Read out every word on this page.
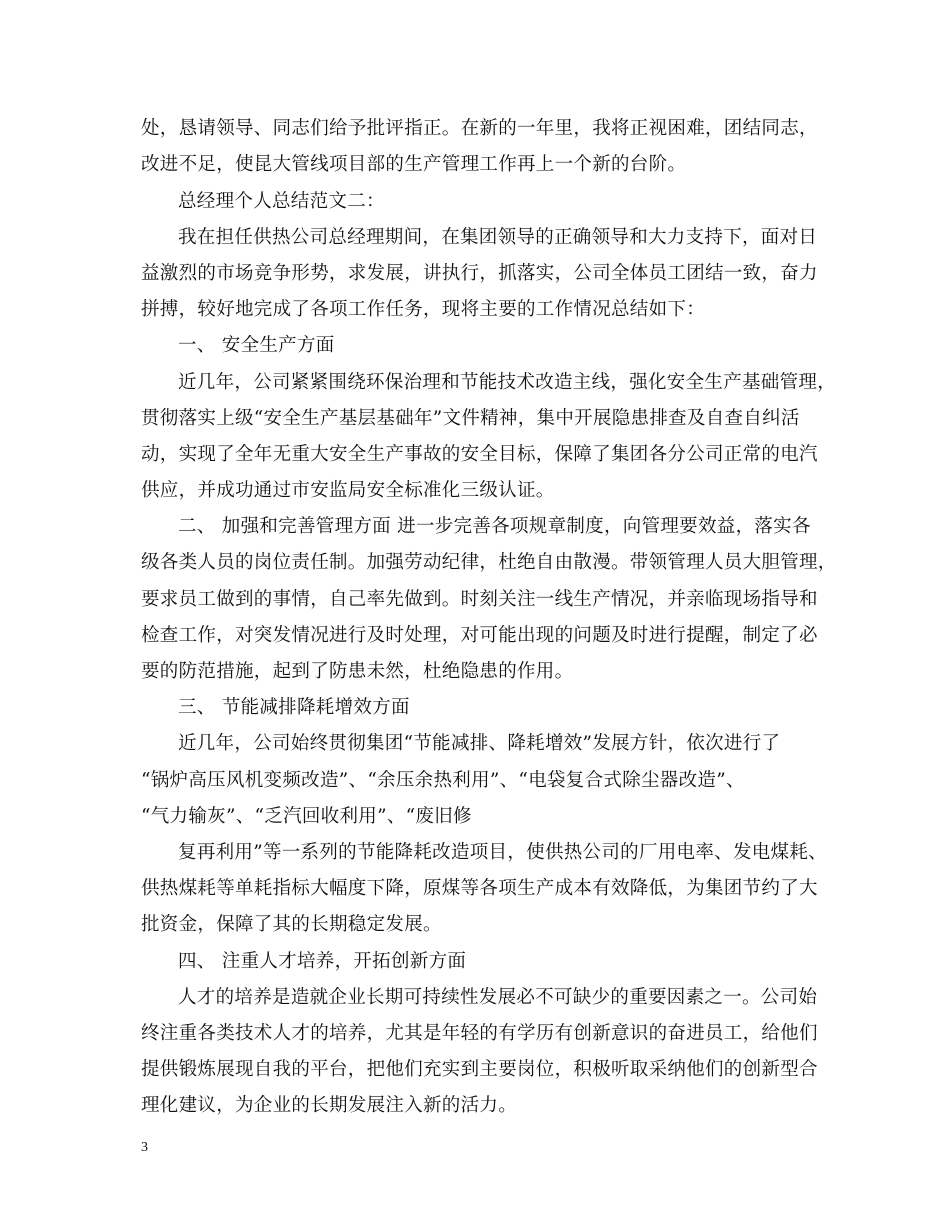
处，恳请领导、同志们给予批评指正。在新的一年里，我将正视困难，团结同志，
改进不足，使昆大管线项目部的生产管理工作再上一个新的台阶。
总经理个人总结范文二：
我在担任供热公司总经理期间，在集团领导的正确领导和大力支持下，面对日
益激烈的市场竞争形势，求发展，讲执行，抓落实，公司全体员工团结一致，奋力
拼搏，较好地完成了各项工作任务，现将主要的工作情况总结如下：
一、 安全生产方面
近几年，公司紧紧围绕环保治理和节能技术改造主线，强化安全生产基础管理，
贯彻落实上级“安全生产基层基础年”文件精神，集中开展隐患排查及自查自纠活
动，实现了全年无重大安全生产事故的安全目标，保障了集团各分公司正常的电汽
供应，并成功通过市安监局安全标准化三级认证。
二、 加强和完善管理方面 进一步完善各项规章制度，向管理要效益，落实各
级各类人员的岗位责任制。加强劳动纪律，杜绝自由散漫。带领管理人员大胆管理，
要求员工做到的事情，自己率先做到。时刻关注一线生产情况，并亲临现场指导和
检查工作，对突发情况进行及时处理，对可能出现的问题及时进行提醒，制定了必
要的防范措施，起到了防患未然，杜绝隐患的作用。
三、 节能减排降耗增效方面
近几年，公司始终贯彻集团“节能减排、降耗增效”发展方针，依次进行了
“锅炉高压风机变频改造”、“余压余热利用”、“电袋复合式除尘器改造”、
“气力输灰”、“乏汽回收利用”、“废旧修
复再利用”等一系列的节能降耗改造项目，使供热公司的厂用电率、发电煤耗、
供热煤耗等单耗指标大幅度下降，原煤等各项生产成本有效降低，为集团节约了大
批资金，保障了其的长期稳定发展。
四、 注重人才培养，开拓创新方面
人才的培养是造就企业长期可持续性发展必不可缺少的重要因素之一。公司始
终注重各类技术人才的培养，尤其是年轻的有学历有创新意识的奋进员工，给他们
提供锻炼展现自我的平台，把他们充实到主要岗位，积极听取采纳他们的创新型合
理化建议，为企业的长期发展注入新的活力。
3
